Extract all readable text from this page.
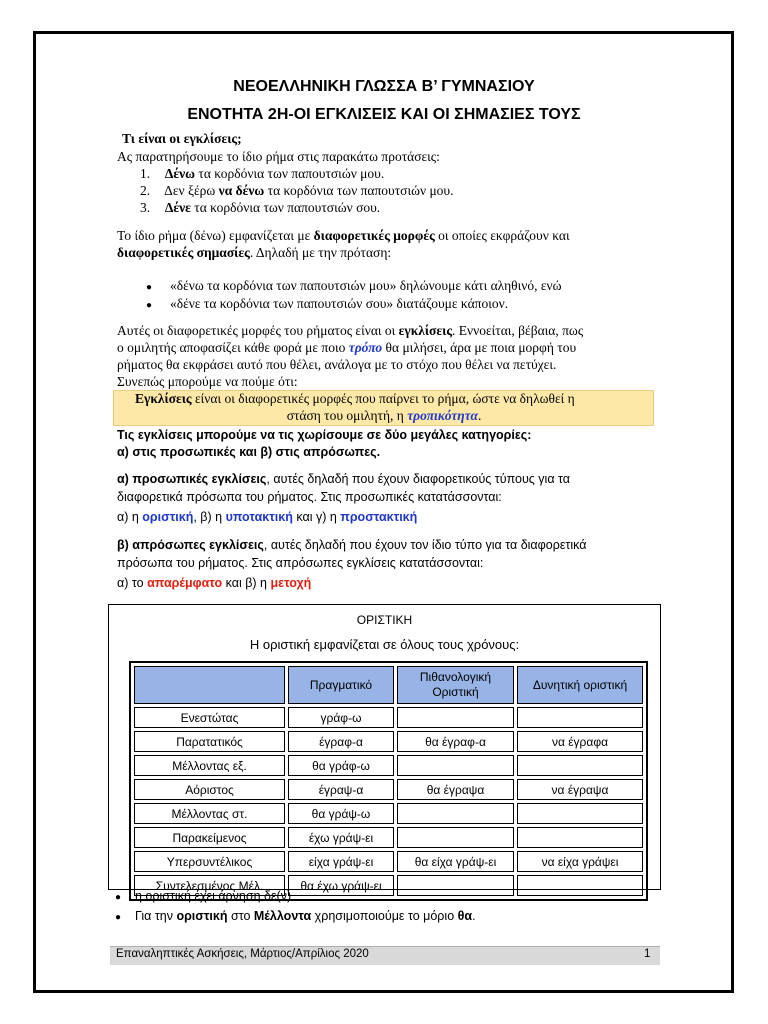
ΝΕΟΕΛΛΗΝΙΚΗ ΓΛΩΣΣΑ Β’ ΓΥΜΝΑΣΙΟΥ
ΕΝΟΤΗΤΑ 2Η-ΟΙ ΕΓΚΛΙΣΕΙΣ ΚΑΙ ΟΙ ΣΗΜΑΣΙΕΣ ΤΟΥΣ
Τι είναι οι εγκλίσεις;
Ας παρατηρήσουμε το ίδιο ρήμα στις παρακάτω προτάσεις:
1. Δένω τα κορδόνια των παπουτσιών μου.
2. Δεν ξέρω να δένω τα κορδόνια των παπουτσιών μου.
3. Δένε τα κορδόνια των παπουτσιών σου.
Το ίδιο ρήμα (δένω) εμφανίζεται με διαφορετικές μορφές οι οποίες εκφράζουν και
διαφορετικές σημασίες. Δηλαδή με την πρόταση:
● «δένω τα κορδόνια των παπουτσιών μου» δηλώνουμε κάτι αληθινό, ενώ
● «δένε τα κορδόνια των παπουτσιών σου» διατάζουμε κάποιον.
Αυτές οι διαφορετικές μορφές του ρήματος είναι οι εγκλίσεις. Εννοείται, βέβαια, πως
ο ομιλητής αποφασίζει κάθε φορά με ποιο τρόπο θα μιλήσει, άρα με ποια μορφή του
ρήματος θα εκφράσει αυτό που θέλει, ανάλογα με το στόχο που θέλει να πετύχει.
Συνεπώς μπορούμε να πούμε ότι:
Εγκλίσεις είναι οι διαφορετικές μορφές που παίρνει το ρήμα, ώστε να δηλωθεί η
στάση του ομιλητή, η τροπικότητα.
Τις εγκλίσεις μπορούμε να τις χωρίσουμε σε δύο μεγάλες κατηγορίες:
α) στις προσωπικές και β) στις απρόσωπες.
α) προσωπικές εγκλίσεις, αυτές δηλαδή που έχουν διαφορετικούς τύπους για τα
διαφορετικά πρόσωπα του ρήματος. Στις προσωπικές κατατάσσονται:
α) η οριστική, β) η υποτακτική και γ) η προστακτική
β) απρόσωπες εγκλίσεις, αυτές δηλαδή που έχουν τον ίδιο τύπο για τα διαφορετικά
πρόσωπα του ρήματος. Στις απρόσωπες εγκλίσεις κατατάσσονται:
α) το απαρέμφατο και β) η μετοχή
ΟΡΙΣΤΙΚΗ
Η οριστική εμφανίζεται σε όλους τους χρόνους:
	Πραγματικό	Πιθανολογική Οριστική	Δυνητική οριστική
Ενεστώτας	γράφ-ω		
Παρατατικός	έγραφ-α	θα έγραφ-α	να έγραφα
Μέλλοντας εξ.	θα γράφ-ω		
Αόριστος	έγραψ-α	θα έγραψα	να έγραψα
Μέλλοντας στ.	θα γράψ-ω		
Παρακείμενος	έχω γράψ-ει		
Υπερσυντέλικος	είχα γράψ-ει	θα είχα γράψ-ει	να είχα γράψει
Συντελεσμένος Μέλ.	θα έχω γράψ-ει		
● η οριστική έχει άρνηση δε(ν)
● Για την οριστική στο Μέλλοντα χρησιμοποιούμε το μόριο θα.
Επαναληπτικές Ασκήσεις, Μάρτιος/Απρίλιος 2020	1
